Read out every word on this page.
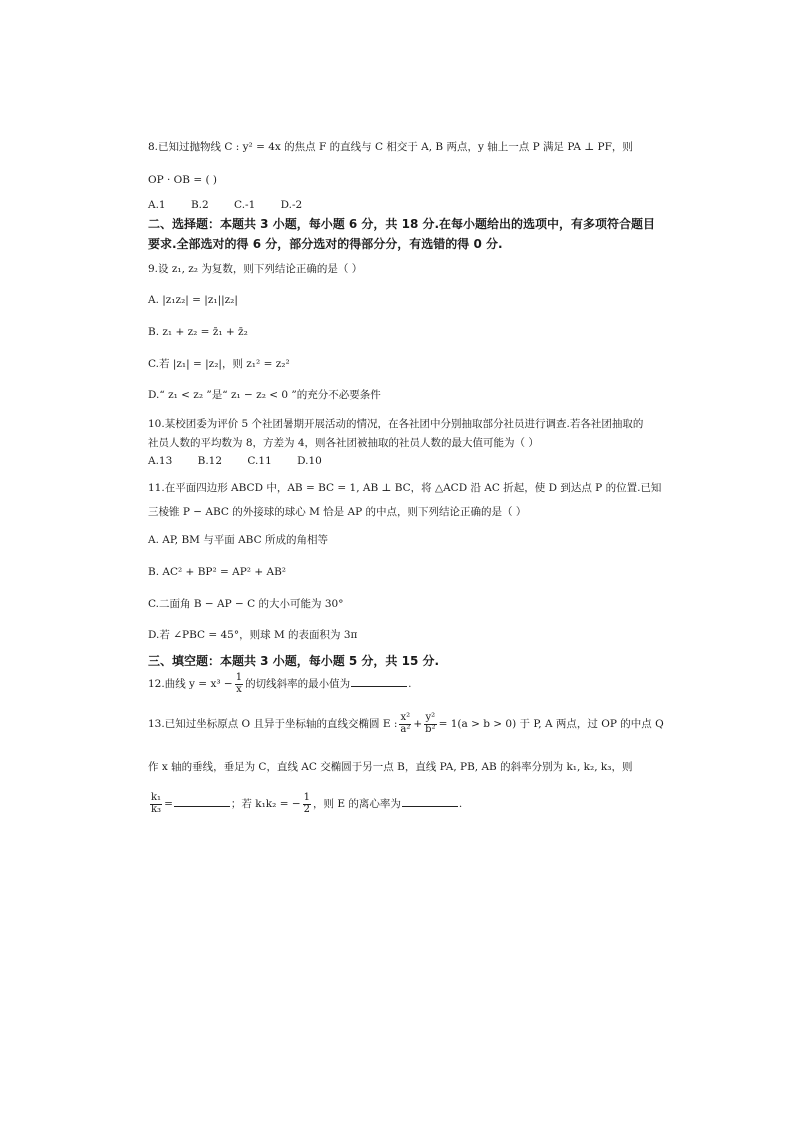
8.已知过抛物线 C : y² = 4x 的焦点 F 的直线与 C 相交于 A, B 两点，y 轴上一点 P 满足 PA ⊥ PF，则
OP · OB = ( )
A.1 B.2 C.-1 D.-2
二、选择题：本题共 3 小题，每小题 6 分，共 18 分.在每小题给出的选项中，有多项符合题目
要求.全部选对的得 6 分，部分选对的得部分分，有选错的得 0 分.
9.设 z₁, z₂ 为复数，则下列结论正确的是（ ）
A. |z₁z₂| = |z₁||z₂|
B. z₁ + z₂ = z̄₁ + z̄₂
C.若 |z₁| = |z₂|，则 z₁² = z₂²
D.“ z₁ < z₂ ”是“ z₁ − z₂ < 0 ”的充分不必要条件
10.某校团委为评价 5 个社团暑期开展活动的情况，在各社团中分别抽取部分社员进行调查.若各社团抽取的
社员人数的平均数为 8，方差为 4，则各社团被抽取的社员人数的最大值可能为（ ）
A.13 B.12 C.11 D.10
11.在平面四边形 ABCD 中，AB = BC = 1, AB ⊥ BC，将 △ACD 沿 AC 折起，使 D 到达点 P 的位置.已知
三棱锥 P − ABC 的外接球的球心 M 恰是 AP 的中点，则下列结论正确的是（ ）
A. AP, BM 与平面 ABC 所成的角相等
B. AC² + BP² = AP² + AB²
C.二面角 B − AP − C 的大小可能为 30°
D.若 ∠PBC = 45°，则球 M 的表面积为 3π
三、填空题：本题共 3 小题，每小题 5 分，共 15 分.
12.曲线 $y = x^3 - \frac{1}{x}$ 的切线斜率的最小值为	.
13.已知过坐标原点 O 且异于坐标轴的直线交椭圆 E : $\frac{\text{x²}}{\text{a²}} + \frac{\text{y²}}{\text{b²}} = 1(a > b > 0)$ 于 P, A 两点，过 OP 的中点 Q
作 x 轴的垂线，垂足为 C，直线 AC 交椭圆于另一点 B，直线 PA, PB, AB 的斜率分别为 k₁, k₂, k₃，则
$\frac{\text{k₁}}{\text{k₃}}$ =	；若 k₁k₂ = − $\frac{1}{2}$ ，则 E 的离心率为	.
